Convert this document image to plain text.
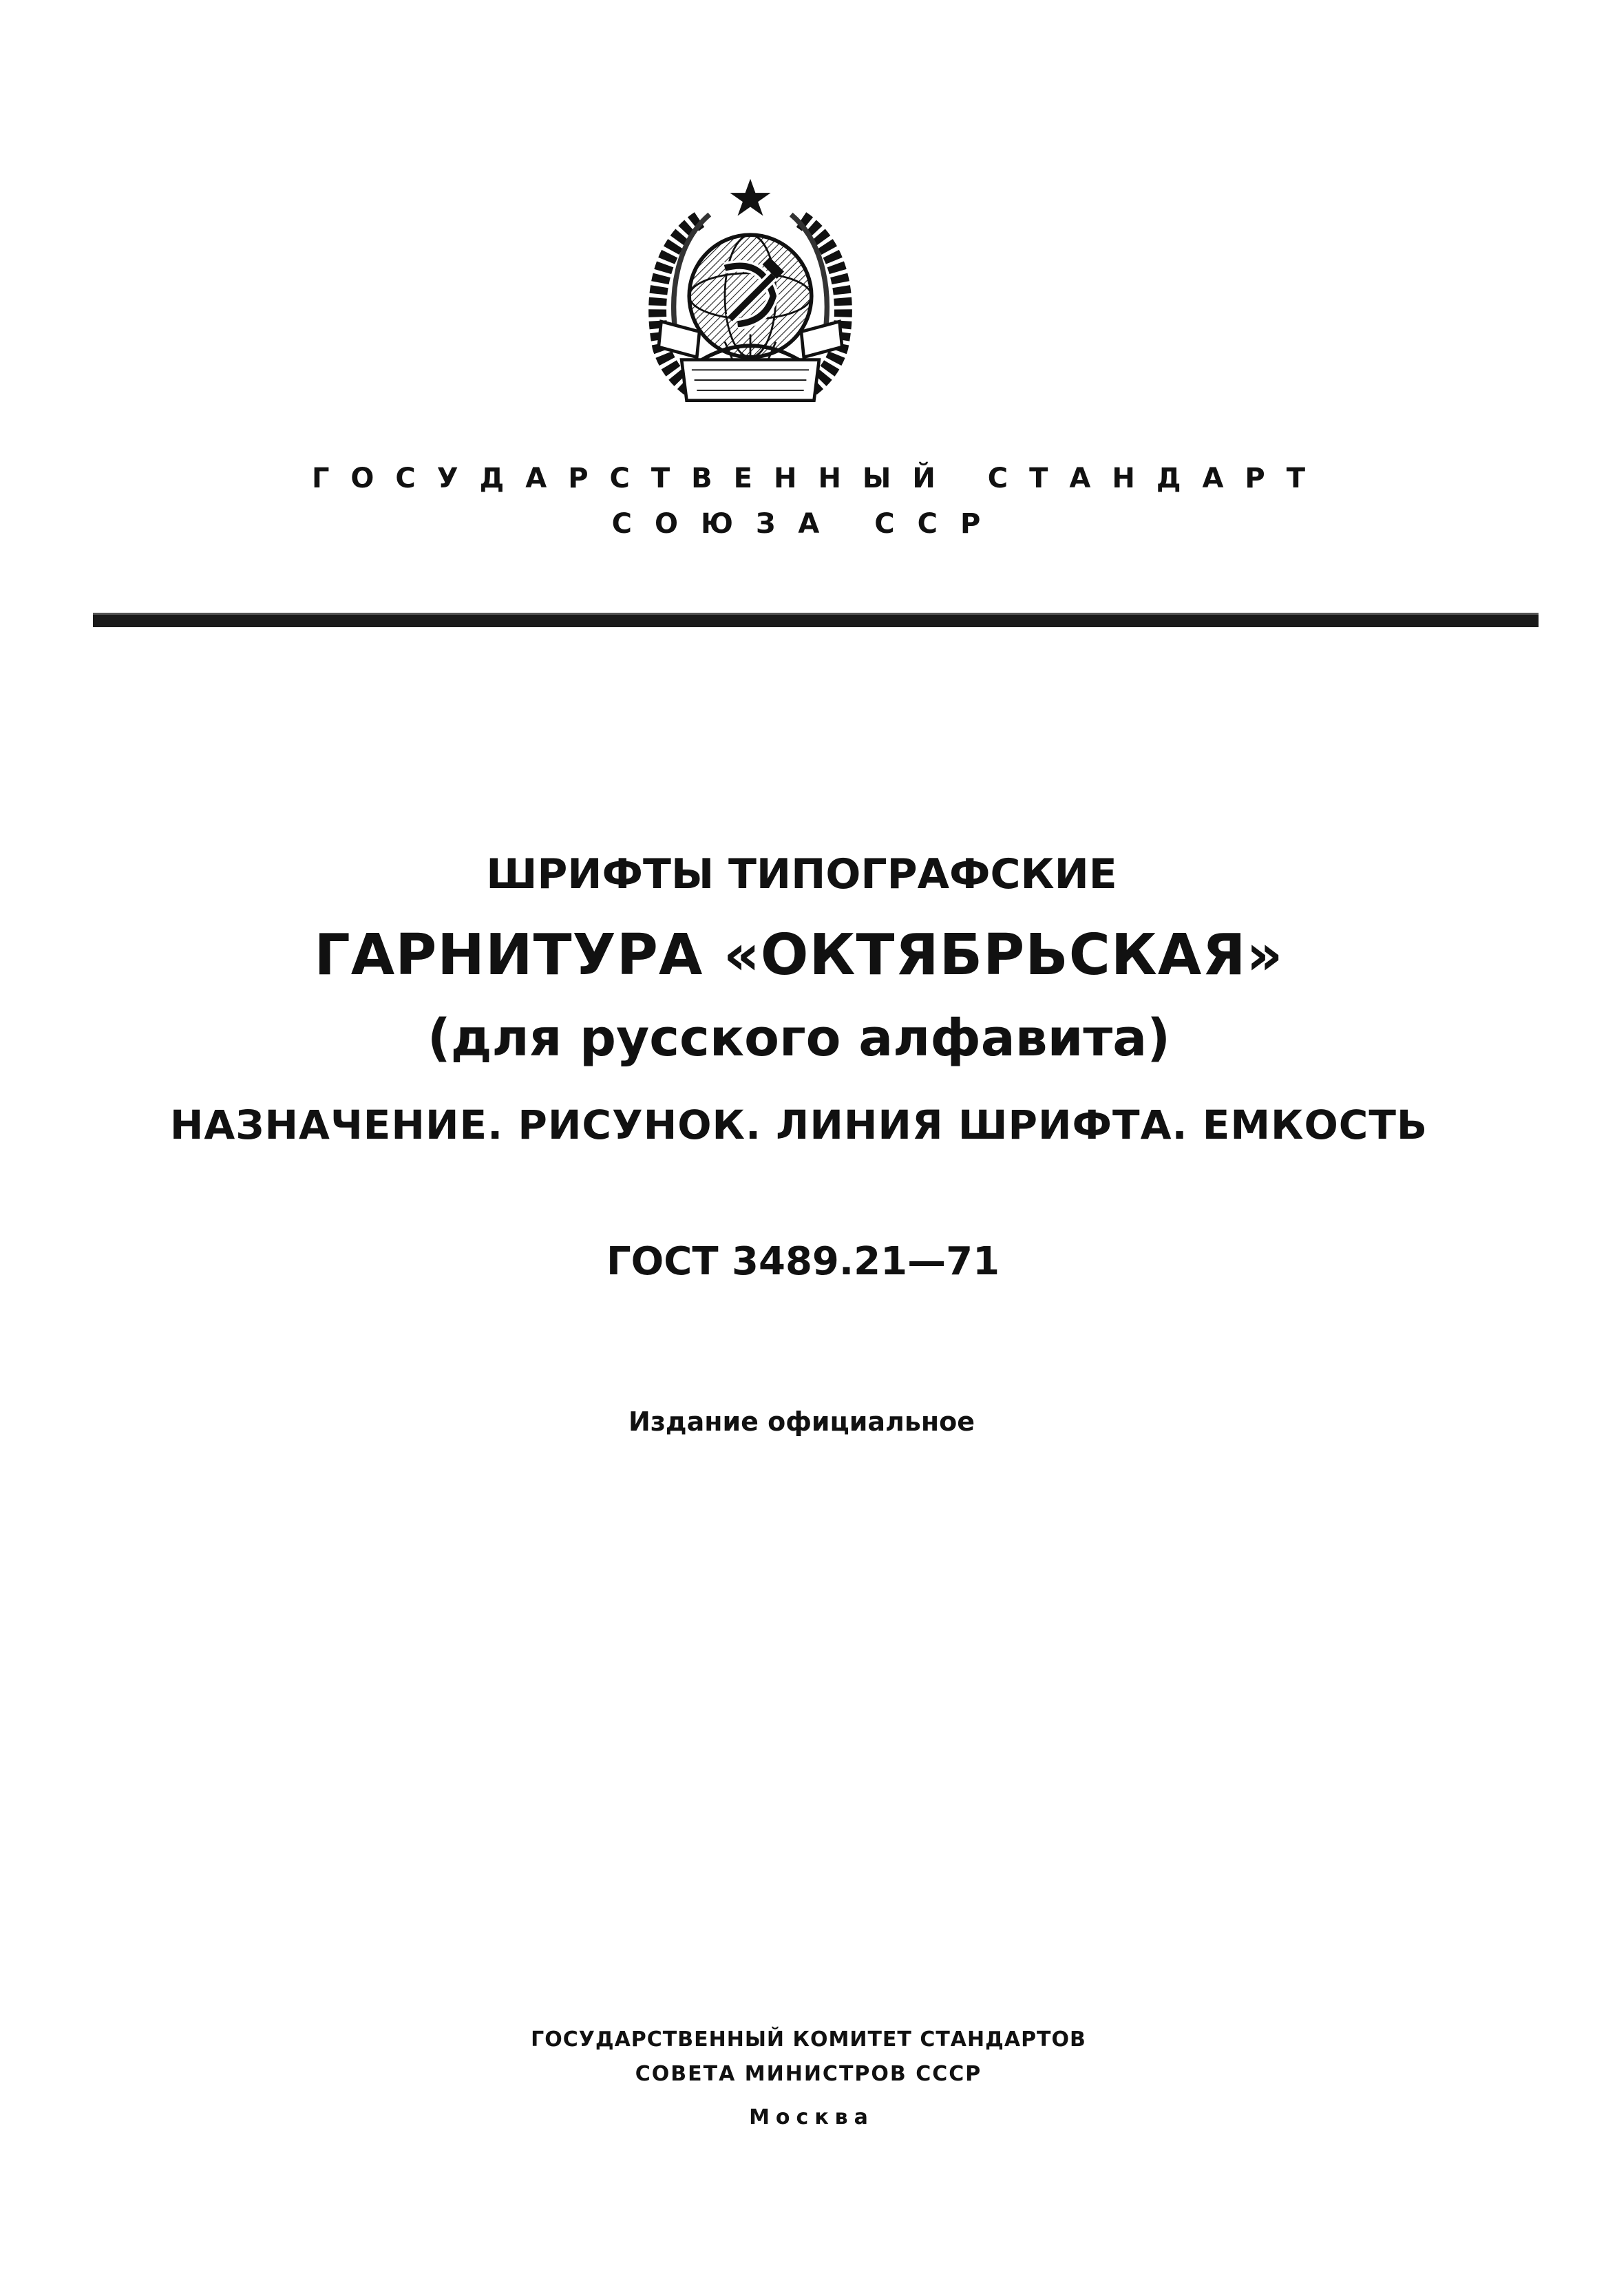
ГОСУДАРСТВЕННЫЙ СТАНДАРТ
СОЮЗА ССР
ШРИФТЫ ТИПОГРАФСКИЕ
ГАРНИТУРА «ОКТЯБРЬСКАЯ»
(для русского алфавита)
НАЗНАЧЕНИЕ. РИСУНОК. ЛИНИЯ ШРИФТА. ЕМКОСТЬ
ГОСТ 3489.21—71
Издание официальное
ГОСУДАРСТВЕННЫЙ КОМИТЕТ СТАНДАРТОВ
СОВЕТА МИНИСТРОВ СССР
Москва
